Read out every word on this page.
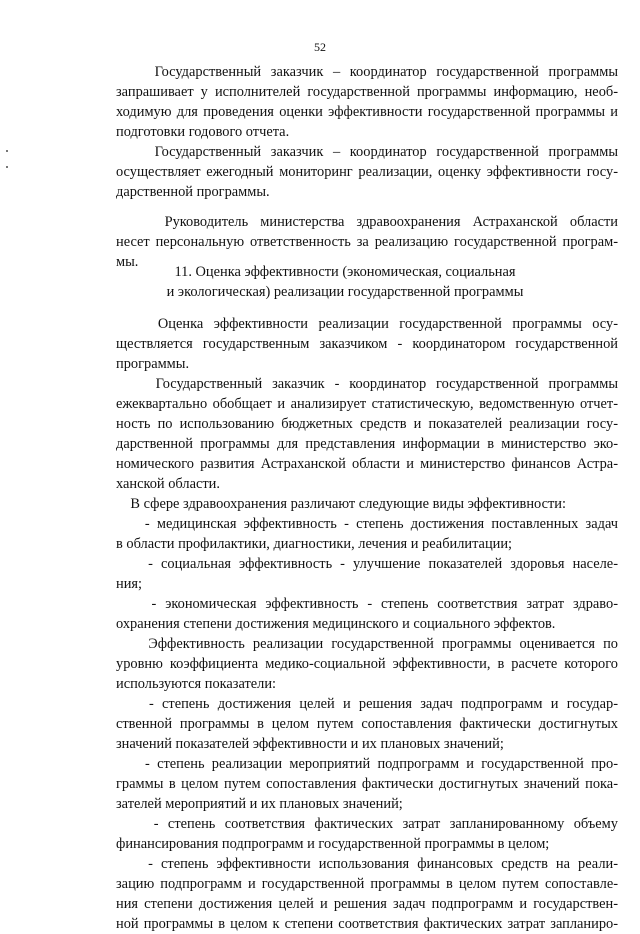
52
Государственный заказчик – координатор государственной программы
запрашивает у исполнителей государственной программы информацию, необ-
ходимую для проведения оценки эффективности государственной программы и
подготовки годового отчета.
Государственный заказчик – координатор государственной программы
осуществляет ежегодный мониторинг реализации, оценку эффективности госу-
дарственной программы.
Руководитель министерства здравоохранения Астраханской области
несет персональную ответственность за реализацию государственной програм-
мы.
11. Оценка эффективности (экономическая, социальная
и экологическая) реализации государственной программы
Оценка эффективности реализации государственной программы осу-
ществляется государственным заказчиком - координатором государственной
программы.
Государственный заказчик - координатор государственной программы
ежеквартально обобщает и анализирует статистическую, ведомственную отчет-
ность по использованию бюджетных средств и показателей реализации госу-
дарственной программы для представления информации в министерство эко-
номического развития Астраханской области и министерство финансов Астра-
ханской области.
В сфере здравоохранения различают следующие виды эффективности:
- медицинская эффективность - степень достижения поставленных задач
в области профилактики, диагностики, лечения и реабилитации;
- социальная эффективность - улучшение показателей здоровья населе-
ния;
- экономическая эффективность - степень соответствия затрат здраво-
охранения степени достижения медицинского и социального эффектов.
Эффективность реализации государственной программы оценивается по
уровню коэффициента медико-социальной эффективности, в расчете которого
используются показатели:
- степень достижения целей и решения задач подпрограмм и государ-
ственной программы в целом путем сопоставления фактически достигнутых
значений показателей эффективности и их плановых значений;
- степень реализации мероприятий подпрограмм и государственной про-
граммы в целом путем сопоставления фактически достигнутых значений пока-
зателей мероприятий и их плановых значений;
- степень соответствия фактических затрат запланированному объему
финансирования подпрограмм и государственной программы в целом;
- степень эффективности использования финансовых средств на реали-
зацию подпрограмм и государственной программы в целом путем сопоставле-
ния степени достижения целей и решения задач подпрограмм и государствен-
ной программы в целом к степени соответствия фактических затрат запланиро-
